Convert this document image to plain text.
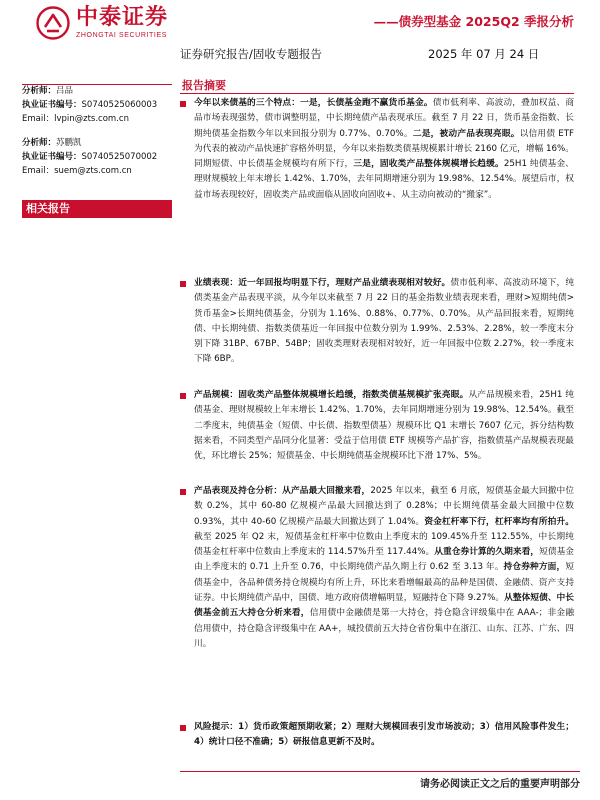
中泰证券
ZHONGTAI SECURITIES
——债券型基金 2025Q2 季报分析
证券研究报告/固收专题报告	2025 年 07 月 24 日
分析师：吕品
执业证书编号：S0740525060003
Email：lvpin@zts.com.cn
分析师：苏鹏凯
执业证书编号：S0740525070002
Email：suem@zts.com.cn
相关报告
报告摘要
今年以来债基的三个特点：一是，长债基金跑不赢货币基金。债市低利率、高波动，叠加权益、商品市场表现强势，债市调整明显，中长期纯债产品表现承压。截至 7 月 22 日，货币基金指数、长期纯债基金指数今年以来回报分别为 0.77%、0.70%。二是，被动产品表现亮眼。以信用债 ETF 为代表的被动产品快速扩容格外明显，今年以来指数类债基规模累计增长 2160 亿元，增幅 16%。同期短债、中长债基金规模均有所下行，三是，固收类产品整体规模增长趋缓。25H1 纯债基金、理财规模较上年末增长 1.42%、1.70%，去年同期增速分别为 19.98%、12.54%。展望后市，权益市场表现较好，固收类产品或面临从固收向固收+、从主动向被动的“搬家”。
业绩表现：近一年回报均明显下行，理财产品业绩表现相对较好。债市低利率、高波动环境下，纯债类基金产品表现平淡，从今年以来截至 7 月 22 日的基金指数业绩表现来看，理财>短期纯债>货币基金>长期纯债基金，分别为 1.16%、0.88%、0.77%、0.70%。从产品回报来看，短期纯债、中长期纯债、指数类债基近一年回报中位数分别为 1.99%、2.53%、2.28%，较一季度末分别下降 31BP、67BP、54BP；固收类理财表现相对较好，近一年回报中位数 2.27%，较一季度末下降 6BP。
产品规模：固收类产品整体规模增长趋缓，指数类债基规模扩张亮眼。从产品规模来看，25H1 纯债基金、理财规模较上年末增长 1.42%、1.70%，去年同期增速分别为 19.98%、12.54%。截至二季度末，纯债基金（短债、中长债、指数型债基）规模环比 Q1 末增长 7607 亿元，拆分结构数据来看，不同类型产品同分化显著：受益于信用债 ETF 规模等产品扩容，指数债基产品规模表现最优，环比增长 25%；短债基金、中长期纯债基金规模环比下滑 17%、5%。
产品表现及持仓分析：从产品最大回撤来看，2025 年以来，截至 6 月底，短债基金最大回撤中位数 0.2%，其中 60-80 亿规模产品最大回撤达到了 0.28%；中长期纯债基金最大回撤中位数 0.93%，其中 40-60 亿规模产品最大回撤达到了 1.04%。资金杠杆率下行，杠杆率均有所拍升。截至 2025 年 Q2 末，短债基金杠杆率中位数由上季度末的 109.45%升至 112.55%，中长期纯债基金杠杆率中位数由上季度末的 114.57%升至 117.44%。从重仓券计算的久期来看，短债基金由上季度末的 0.71 上升至 0.76，中长期纯债产品久期上行 0.62 至 3.13 年。持仓券种方面，短债基金中，各品种债务持仓规模均有所上升，环比来看增幅最高的品种是国债、金融债、资产支持证券。中长期纯债产品中，国债、地方政府债增幅明显，短融持仓下降 9.27%。从整体短债、中长债基金前五大持仓分析来看，信用债中金融债是第一大持仓，持仓隐含评级集中在 AAA-；非金融信用债中，持仓隐含评级集中在 AA+，城投债前五大持仓省份集中在浙江、山东、江苏、广东、四川。
风险提示：1）货币政策超预期收紧；2）理财大规模回表引发市场波动；3）信用风险事件发生；4）统计口径不准确；5）研报信息更新不及时。
请务必阅读正文之后的重要声明部分
